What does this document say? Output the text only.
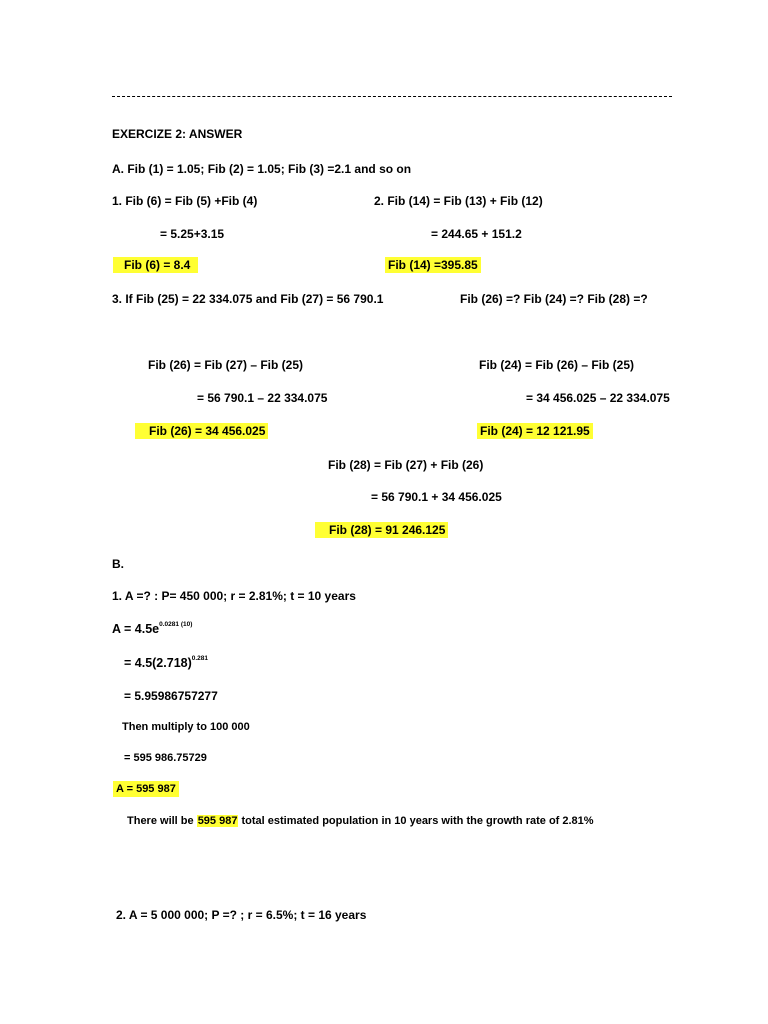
EXERCIZE 2: ANSWER
A. Fib (1) = 1.05; Fib (2) = 1.05; Fib (3) =2.1 and so on
1. Fib (6) = Fib (5) +Fib (4)	2. Fib (14) = Fib (13) + Fib (12)
= 5.25+3.15	= 244.65 + 151.2
Fib (6) = 8.4	Fib (14) =395.85
3. If Fib (25) = 22 334.075 and Fib (27) = 56 790.1	Fib (26) =? Fib (24) =? Fib (28) =?
Fib (26) = Fib (27) – Fib (25)	Fib (24) = Fib (26) – Fib (25)
= 56 790.1 – 22 334.075	= 34 456.025 – 22 334.075
Fib (26) = 34 456.025	Fib (24) = 12 121.95
Fib (28) = Fib (27) + Fib (26)
= 56 790.1 + 34 456.025
Fib (28) = 91 246.125
B.
1. A =? : P= 450 000; r = 2.81%; t = 10 years
$A = 4.5e^{0.0281 (10)}$
= $4.5(2.718)^{0.281}$
= 5.95986757277
Then multiply to 100 000
= 595 986.75729
A = 595 987
There will be 595 987 total estimated population in 10 years with the growth rate of 2.81%
2. A = 5 000 000; P =? ; r = 6.5%; t = 16 years
